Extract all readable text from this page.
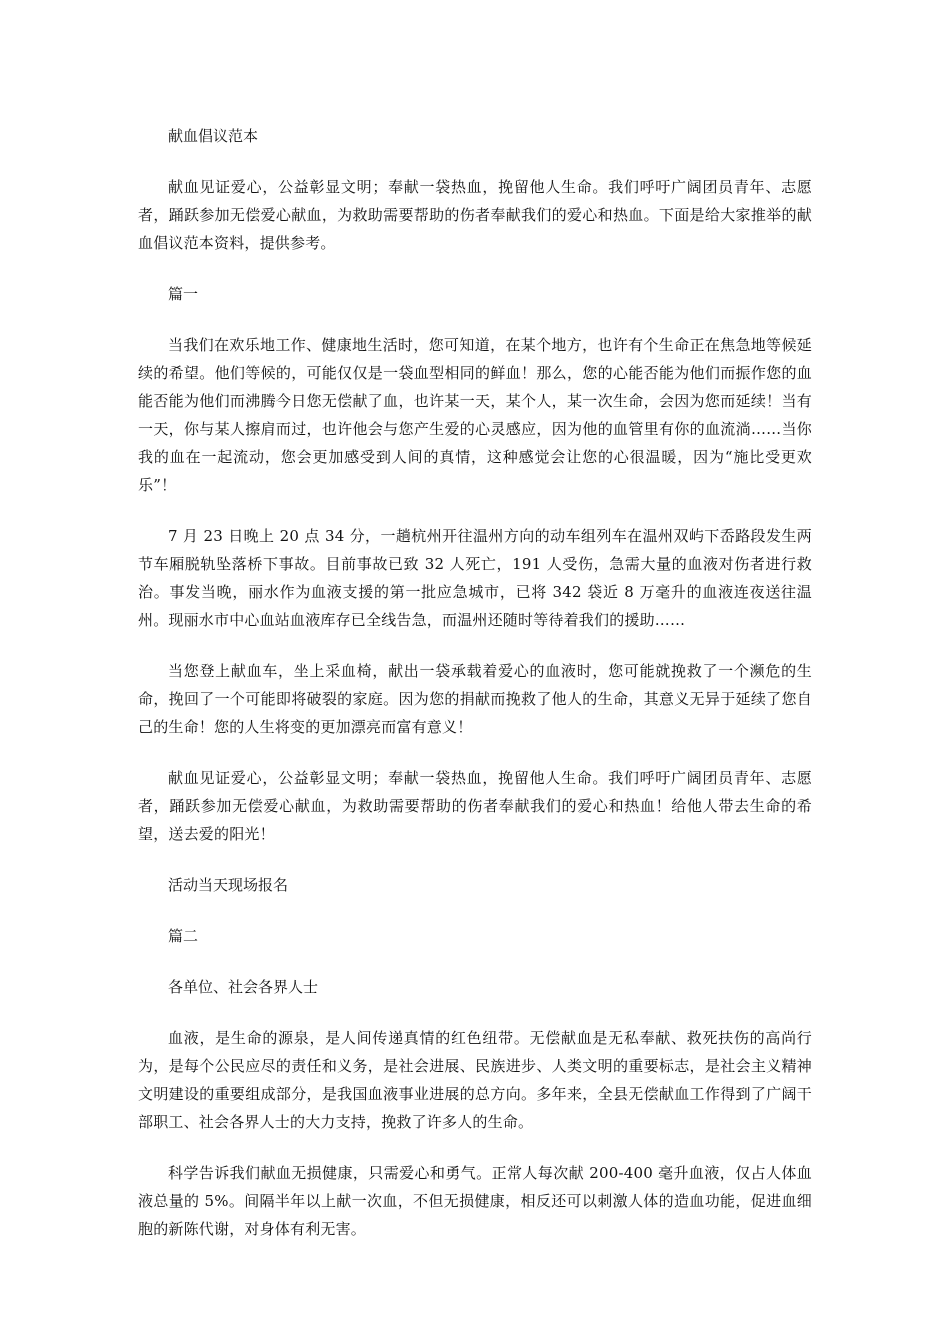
献血倡议范本

献血见证爱心，公益彰显文明；奉献一袋热血，挽留他人生命。我们呼吁广阔团员青年、志愿者，踊跃参加无偿爱心献血，为救助需要帮助的伤者奉献我们的爱心和热血。下面是给大家推举的献血倡议范本资料，提供参考。

篇一

当我们在欢乐地工作、健康地生活时，您可知道，在某个地方，也许有个生命正在焦急地等候延续的希望。他们等候的，可能仅仅是一袋血型相同的鲜血！那么，您的心能否能为他们而振作您的血能否能为他们而沸腾今日您无偿献了血，也许某一天，某个人，某一次生命，会因为您而延续！当有一天，你与某人擦肩而过，也许他会与您产生爱的心灵感应，因为他的血管里有你的血流淌……当你我的血在一起流动，您会更加感受到人间的真情，这种感觉会让您的心很温暖，因为“施比受更欢乐”！

7 月 23 日晚上 20 点 34 分，一趟杭州开往温州方向的动车组列车在温州双屿下岙路段发生两节车厢脱轨坠落桥下事故。目前事故已致 32 人死亡，191 人受伤，急需大量的血液对伤者进行救治。事发当晚，丽水作为血液支援的第一批应急城市，已将 342 袋近 8 万毫升的血液连夜送往温州。现丽水市中心血站血液库存已全线告急，而温州还随时等待着我们的援助……

当您登上献血车，坐上采血椅，献出一袋承载着爱心的血液时，您可能就挽救了一个濒危的生命，挽回了一个可能即将破裂的家庭。因为您的捐献而挽救了他人的生命，其意义无异于延续了您自己的生命！您的人生将变的更加漂亮而富有意义！

献血见证爱心，公益彰显文明；奉献一袋热血，挽留他人生命。我们呼吁广阔团员青年、志愿者，踊跃参加无偿爱心献血，为救助需要帮助的伤者奉献我们的爱心和热血！给他人带去生命的希望，送去爱的阳光！

活动当天现场报名

篇二

各单位、社会各界人士

血液，是生命的源泉，是人间传递真情的红色纽带。无偿献血是无私奉献、救死扶伤的高尚行为，是每个公民应尽的责任和义务，是社会进展、民族进步、人类文明的重要标志，是社会主义精神文明建设的重要组成部分，是我国血液事业进展的总方向。多年来，全县无偿献血工作得到了广阔干部职工、社会各界人士的大力支持，挽救了许多人的生命。

科学告诉我们献血无损健康，只需爱心和勇气。正常人每次献 200-400 毫升血液，仅占人体血液总量的 5%。间隔半年以上献一次血，不但无损健康，相反还可以刺激人体的造血功能，促进血细胞的新陈代谢，对身体有利无害。
